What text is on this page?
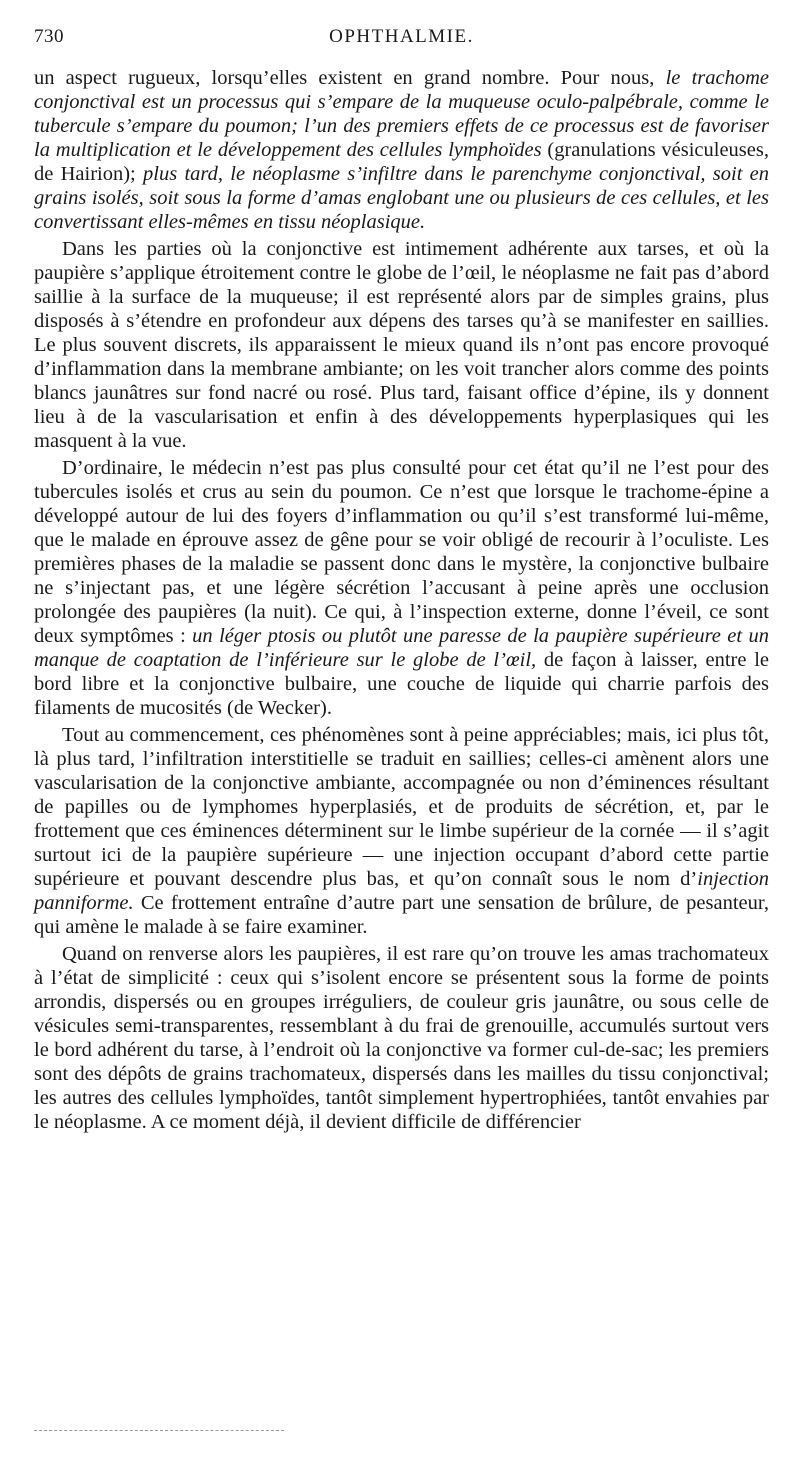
730	OPHTHALMIE.

un aspect rugueux, lorsqu’elles existent en grand nombre. Pour nous, le trachome conjonctival est un processus qui s’empare de la muqueuse oculo-palpébrale, comme le tubercule s’empare du poumon; l’un des premiers effets de ce processus est de favoriser la multiplication et le développement des cellules lymphoïdes (granulations vésiculeuses, de Hairion); plus tard, le néoplasme s’infiltre dans le parenchyme conjonctival, soit en grains isolés, soit sous la forme d’amas englobant une ou plusieurs de ces cellules, et les convertissant elles-mêmes en tissu néoplasique.

Dans les parties où la conjonctive est intimement adhérente aux tarses, et où la paupière s’applique étroitement contre le globe de l’œil, le néoplasme ne fait pas d’abord saillie à la surface de la muqueuse; il est représenté alors par de simples grains, plus disposés à s’étendre en profondeur aux dépens des tarses qu’à se manifester en saillies. Le plus souvent discrets, ils apparaissent le mieux quand ils n’ont pas encore provoqué d’inflammation dans la membrane ambiante; on les voit trancher alors comme des points blancs jaunâtres sur fond nacré ou rosé. Plus tard, faisant office d’épine, ils y donnent lieu à de la vascularisation et enfin à des développements hyperplasiques qui les masquent à la vue.

D’ordinaire, le médecin n’est pas plus consulté pour cet état qu’il ne l’est pour des tubercules isolés et crus au sein du poumon. Ce n’est que lorsque le trachome-épine a développé autour de lui des foyers d’inflammation ou qu’il s’est transformé lui-même, que le malade en éprouve assez de gêne pour se voir obligé de recourir à l’oculiste. Les premières phases de la maladie se passent donc dans le mystère, la conjonctive bulbaire ne s’injectant pas, et une légère sécrétion l’accusant à peine après une occlusion prolongée des paupières (la nuit). Ce qui, à l’inspection externe, donne l’éveil, ce sont deux symptômes : un léger ptosis ou plutôt une paresse de la paupière supérieure et un manque de coaptation de l’inférieure sur le globe de l’œil, de façon à laisser, entre le bord libre et la conjonctive bulbaire, une couche de liquide qui charrie parfois des filaments de mucosités (de Wecker).

Tout au commencement, ces phénomènes sont à peine appréciables; mais, ici plus tôt, là plus tard, l’infiltration interstitielle se traduit en saillies; celles-ci amènent alors une vascularisation de la conjonctive ambiante, accompagnée ou non d’éminences résultant de papilles ou de lymphomes hyperplasiés, et de produits de sécrétion, et, par le frottement que ces éminences déterminent sur le limbe supérieur de la cornée — il s’agit surtout ici de la paupière supérieure — une injection occupant d’abord cette partie supérieure et pouvant descendre plus bas, et qu’on connaît sous le nom d’injection panniforme. Ce frottement entraîne d’autre part une sensation de brûlure, de pesanteur, qui amène le malade à se faire examiner.

Quand on renverse alors les paupières, il est rare qu’on trouve les amas trachomateux à l’état de simplicité : ceux qui s’isolent encore se présentent sous la forme de points arrondis, dispersés ou en groupes irréguliers, de couleur gris jaunâtre, ou sous celle de vésicules semi-transparentes, ressemblant à du frai de grenouille, accumulés surtout vers le bord adhérent du tarse, à l’endroit où la conjonctive va former cul-de-sac; les premiers sont des dépôts de grains trachomateux, dispersés dans les mailles du tissu conjonctival; les autres des cellules lymphoïdes, tantôt simplement hypertrophiées, tantôt envahies par le néoplasme. A ce moment déjà, il devient difficile de différencier
